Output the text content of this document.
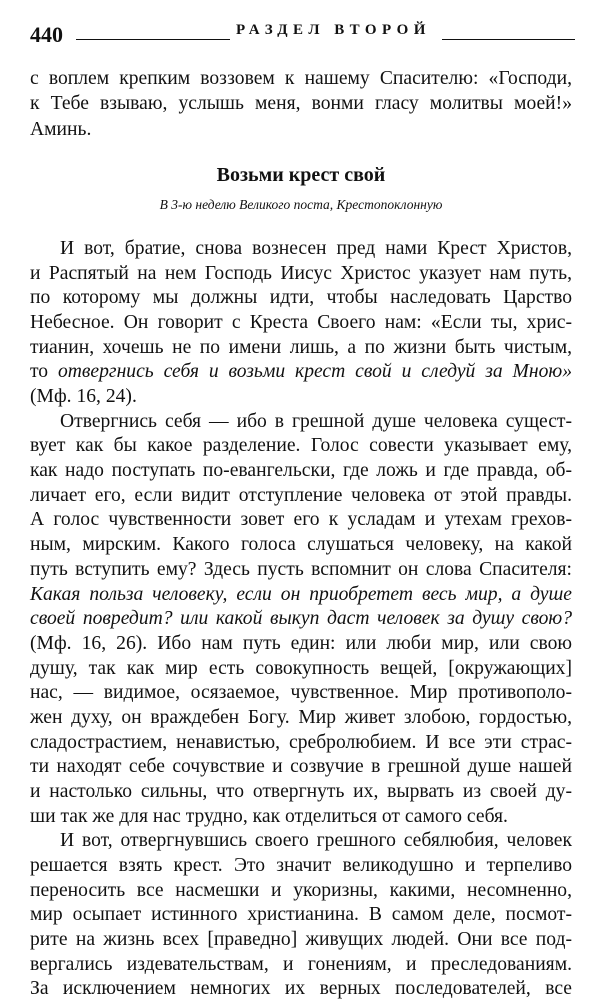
440	РАЗДЕЛ ВТОРОЙ
с воплем крепким воззовем к нашему Спасителю: «Господи,
к Тебе взываю, услышь меня, вонми гласу молитвы моей!»
Аминь.
Возьми крест свой
В 3-ю неделю Великого поста, Крестопоклонную
И вот, братие, снова вознесен пред нами Крест Христов,
и Распятый на нем Господь Иисус Христос указует нам путь,
по которому мы должны идти, чтобы наследовать Царство
Небесное. Он говорит с Креста Своего нам: «Если ты, хрис-
тианин, хочешь не по имени лишь, а по жизни быть чистым,
то отвергнись себя и возьми крест свой и следуй за Мною»
(Мф. 16, 24).
Отвергнись себя — ибо в грешной душе человека сущест-
вует как бы какое разделение. Голос совести указывает ему,
как надо поступать по-евангельски, где ложь и где правда, об-
личает его, если видит отступление человека от этой правды.
А голос чувственности зовет его к усладам и утехам грехов-
ным, мирским. Какого голоса слушаться человеку, на какой
путь вступить ему? Здесь пусть вспомнит он слова Спасителя:
Какая польза человеку, если он приобретет весь мир, а душе
своей повредит? или какой выкуп даст человек за душу свою?
(Мф. 16, 26). Ибо нам путь един: или люби мир, или свою
душу, так как мир есть совокупность вещей, [окружающих]
нас, — видимое, осязаемое, чувственное. Мир противополо-
жен духу, он враждебен Богу. Мир живет злобою, гордостью,
сладострастием, ненавистью, сребролюбием. И все эти страс-
ти находят себе сочувствие и созвучие в грешной душе нашей
и настолько сильны, что отвергнуть их, вырвать из своей ду-
ши так же для нас трудно, как отделиться от самого себя.
И вот, отвергнувшись своего грешного себялюбия, человек
решается взять крест. Это значит великодушно и терпеливо
переносить все насмешки и укоризны, какими, несомненно,
мир осыпает истинного христианина. В самом деле, посмот-
рите на жизнь всех [праведно] живущих людей. Они все под-
вергались издевательствам, и гонениям, и преследованиям.
За исключением немногих их верных последователей, все
